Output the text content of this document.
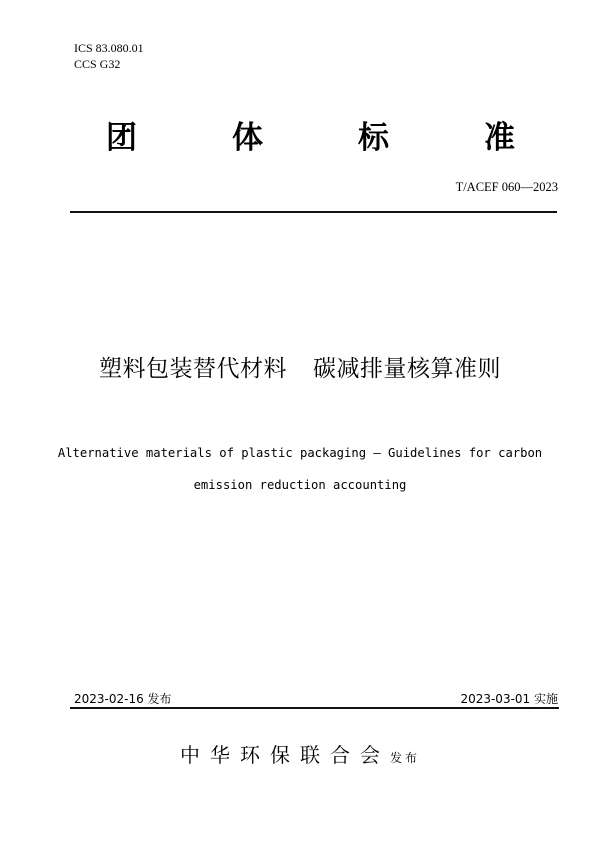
ICS 83.080.01
CCS G32
团	体	标	准
T/ACEF 060—2023
塑料包装替代材料 碳减排量核算准则
Alternative materials of plastic packaging — Guidelines for carbon
emission reduction accounting
2023-02-16 发布	2023-03-01 实施
中华环保联合会发布
